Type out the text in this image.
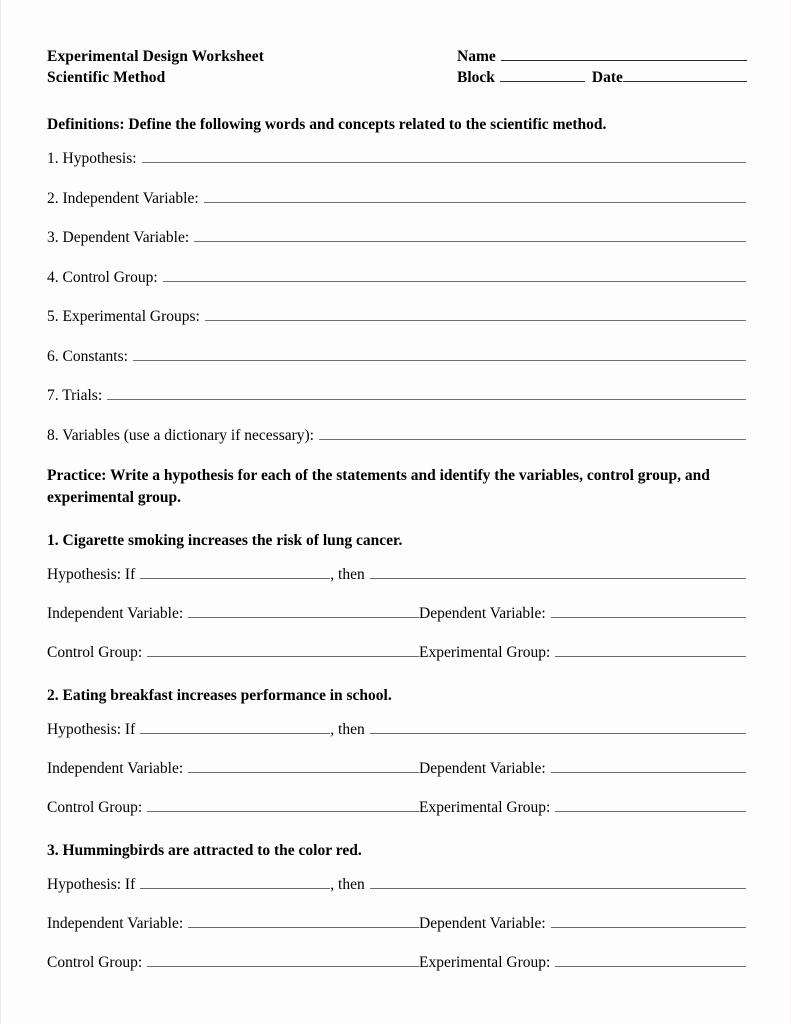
Experimental Design Worksheet
Scientific Method
Name
Block	Date
Definitions: Define the following words and concepts related to the scientific method.
1. Hypothesis:
2. Independent Variable:
3. Dependent Variable:
4. Control Group:
5. Experimental Groups:
6. Constants:
7. Trials:
8. Variables (use a dictionary if necessary):
Practice: Write a hypothesis for each of the statements and identify the variables, control group, and experimental group.
1. Cigarette smoking increases the risk of lung cancer.
Hypothesis: If	, then
Independent Variable:	Dependent Variable:
Control Group:	Experimental Group:
2. Eating breakfast increases performance in school.
Hypothesis: If	, then
Independent Variable:	Dependent Variable:
Control Group:	Experimental Group:
3. Hummingbirds are attracted to the color red.
Hypothesis: If	, then
Independent Variable:	Dependent Variable:
Control Group:	Experimental Group:
